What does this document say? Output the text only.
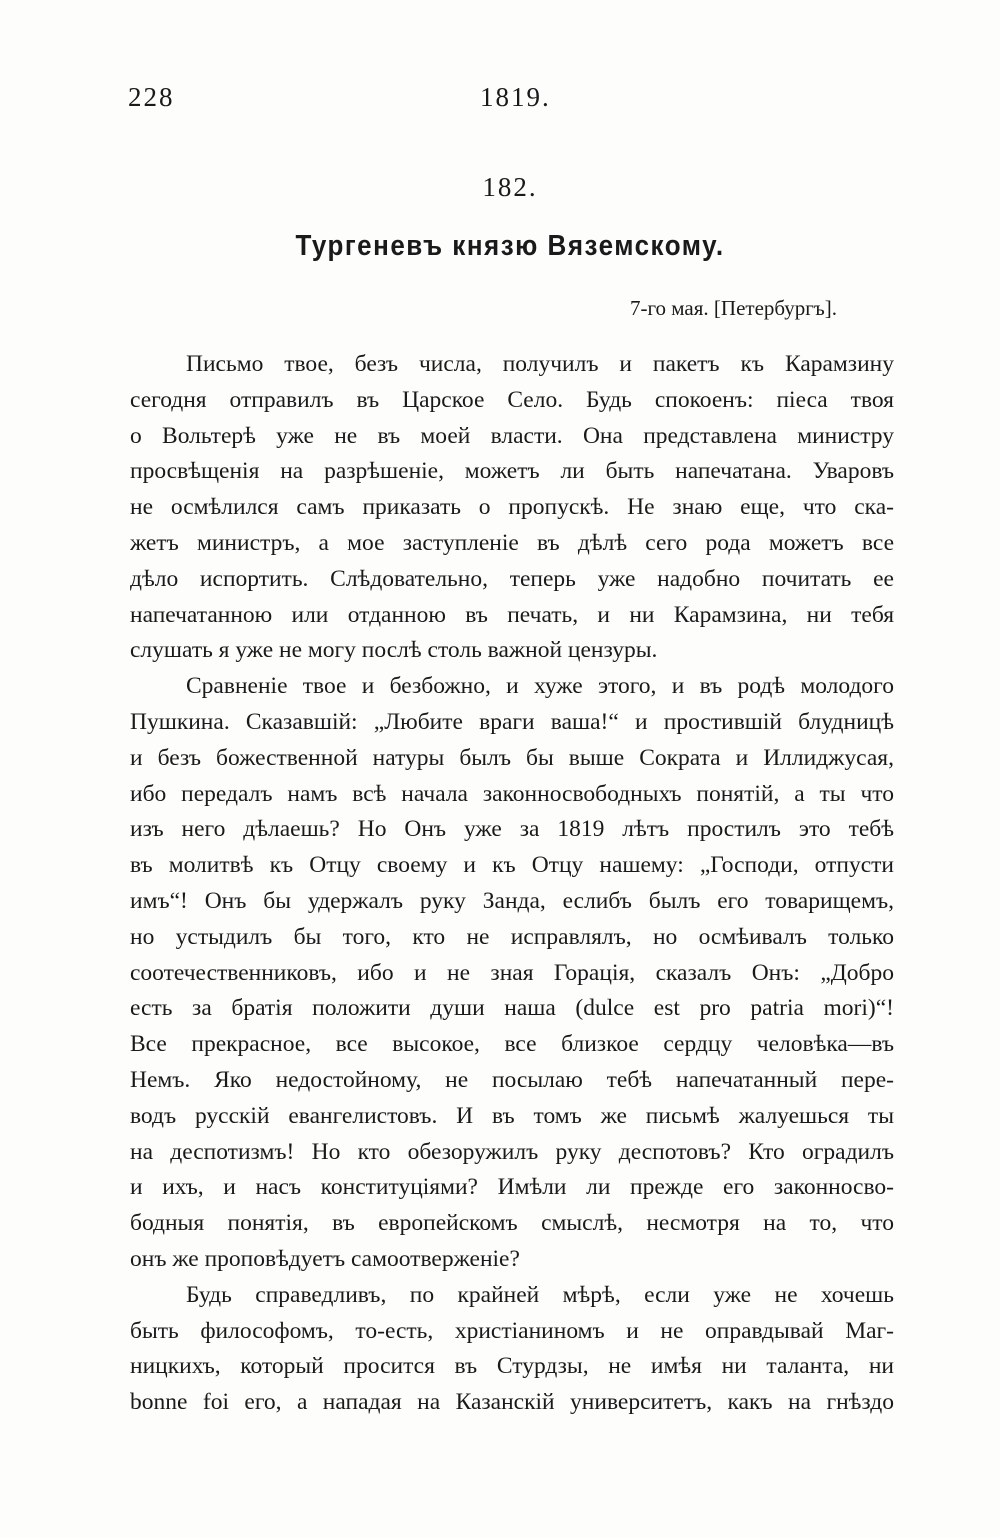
228	1819.
182.
Тургеневъ князю Вяземскому.
7-го мая. [Петербургъ].
Письмо твое, безъ числа, получилъ и пакетъ къ Карамзину
сегодня отправилъ въ Царское Село. Будь спокоенъ: піеса твоя
о Вольтерѣ уже не въ моей власти. Она представлена министру
просвѣщенія на разрѣшеніе, можетъ ли быть напечатана. Уваровъ
не осмѣлился самъ приказать о пропускѣ. Не знаю еще, что ска-
жетъ министръ, а мое заступленіе въ дѣлѣ сего рода можетъ все
дѣло испортить. Слѣдовательно, теперь уже надобно почитать ее
напечатанною или отданною въ печать, и ни Карамзина, ни тебя
слушать я уже не могу послѣ столь важной цензуры.
Сравненіе твое и безбожно, и хуже этого, и въ родѣ молодого
Пушкина. Сказавшій: „Любите враги ваша!“ и простившій блудницѣ
и безъ божественной натуры былъ бы выше Сократа и Иллиджусая,
ибо передалъ намъ всѣ начала законносвободныхъ понятій, а ты что
изъ него дѣлаешь? Но Онъ уже за 1819 лѣтъ простилъ это тебѣ
въ молитвѣ къ Отцу своему и къ Отцу нашему: „Господи, отпусти
имъ“! Онъ бы удержалъ руку Занда, еслибъ былъ его товарищемъ,
но устыдилъ бы того, кто не исправлялъ, но осмѣивалъ только
соотечественниковъ, ибо и не зная Горація, сказалъ Онъ: „Добро
есть за братія положити души наша (dulce est pro patria mori)“!
Все прекрасное, все высокое, все близкое сердцу человѣка—въ
Немъ. Яко недостойному, не посылаю тебѣ напечатанный пере-
водъ русскій евангелистовъ. И въ томъ же письмѣ жалуешься ты
на деспотизмъ! Но кто обезоружилъ руку деспотовъ? Кто оградилъ
и ихъ, и насъ конституціями? Имѣли ли прежде его законносво-
бодныя понятія, въ европейскомъ смыслѣ, несмотря на то, что
онъ же проповѣдуетъ самоотверженіе?
Будь справедливъ, по крайней мѣрѣ, если уже не хочешь
быть философомъ, то-есть, христіаниномъ и не оправдывай Маг-
ницкихъ, который просится въ Стурдзы, не имѣя ни таланта, ни
bonne foi его, а нападая на Казанскій университетъ, какъ на гнѣздо
